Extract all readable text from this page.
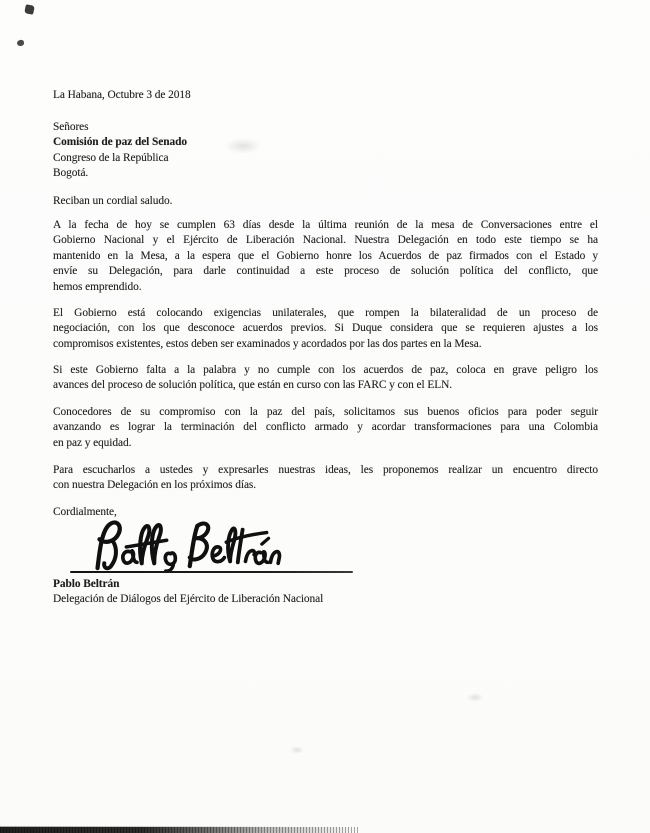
La Habana, Octubre 3 de 2018
Señores
Comisión de paz del Senado
Congreso de la República
Bogotá.
Reciban un cordial saludo.
A la fecha de hoy se cumplen 63 días desde la última reunión de la mesa de Conversaciones entre el
Gobierno Nacional y el Ejército de Liberación Nacional. Nuestra Delegación en todo este tiempo se ha
mantenido en la Mesa, a la espera que el Gobierno honre los Acuerdos de paz firmados con el Estado y
envíe su Delegación, para darle continuidad a este proceso de solución política del conflicto, que
hemos emprendido.
El Gobierno está colocando exigencias unilaterales, que rompen la bilateralidad de un proceso de
negociación, con los que desconoce acuerdos previos. Si Duque considera que se requieren ajustes a los
compromisos existentes, estos deben ser examinados y acordados por las dos partes en la Mesa.
Si este Gobierno falta a la palabra y no cumple con los acuerdos de paz, coloca en grave peligro los
avances del proceso de solución política, que están en curso con las FARC y con el ELN.
Conocedores de su compromiso con la paz del país, solicitamos sus buenos oficios para poder seguir
avanzando es lograr la terminación del conflicto armado y acordar transformaciones para una Colombia
en paz y equidad.
Para escucharlos a ustedes y expresarles nuestras ideas, les proponemos realizar un encuentro directo
con nuestra Delegación en los próximos días.
Cordialmente,
Pablo Beltrán
Delegación de Diálogos del Ejército de Liberación Nacional
